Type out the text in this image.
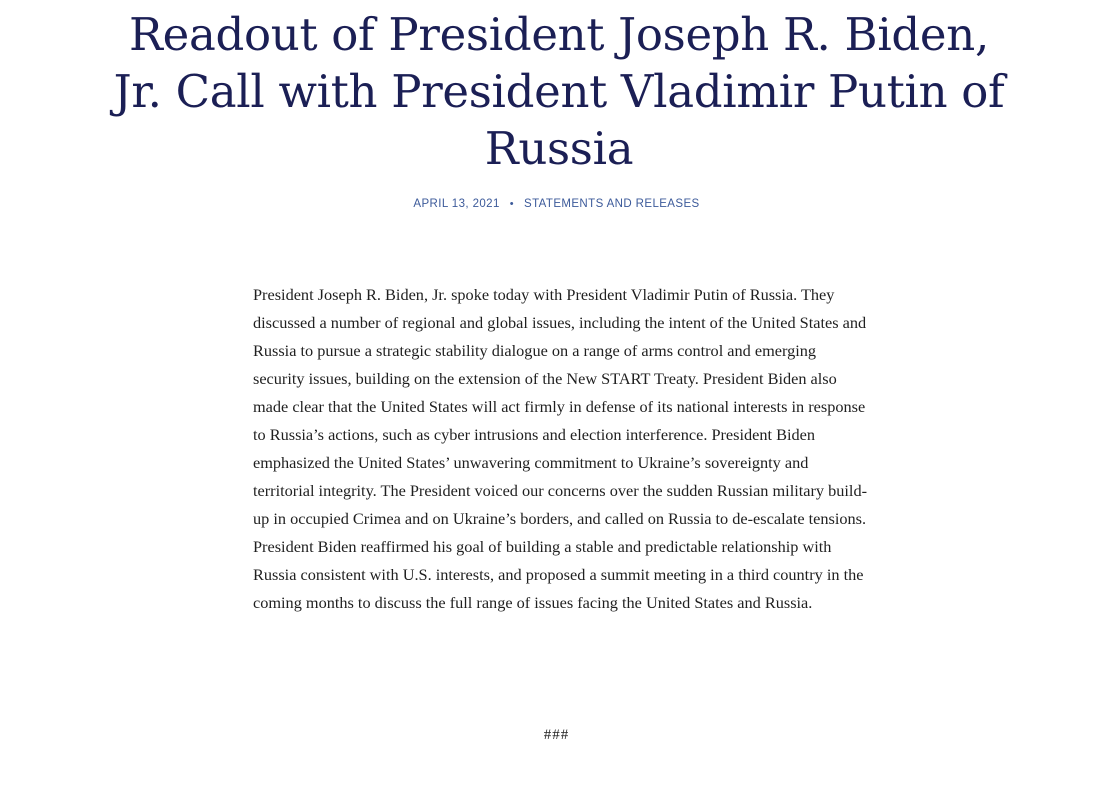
Readout of President Joseph R. Biden, Jr. Call with President Vladimir Putin of Russia
APRIL 13, 2021 • STATEMENTS AND RELEASES

President Joseph R. Biden, Jr. spoke today with President Vladimir Putin of Russia. They discussed a number of regional and global issues, including the intent of the United States and Russia to pursue a strategic stability dialogue on a range of arms control and emerging security issues, building on the extension of the New START Treaty. President Biden also made clear that the United States will act firmly in defense of its national interests in response to Russia’s actions, such as cyber intrusions and election interference. President Biden emphasized the United States’ unwavering commitment to Ukraine’s sovereignty and territorial integrity. The President voiced our concerns over the sudden Russian military build-up in occupied Crimea and on Ukraine’s borders, and called on Russia to de-escalate tensions. President Biden reaffirmed his goal of building a stable and predictable relationship with Russia consistent with U.S. interests, and proposed a summit meeting in a third country in the coming months to discuss the full range of issues facing the United States and Russia.

###
